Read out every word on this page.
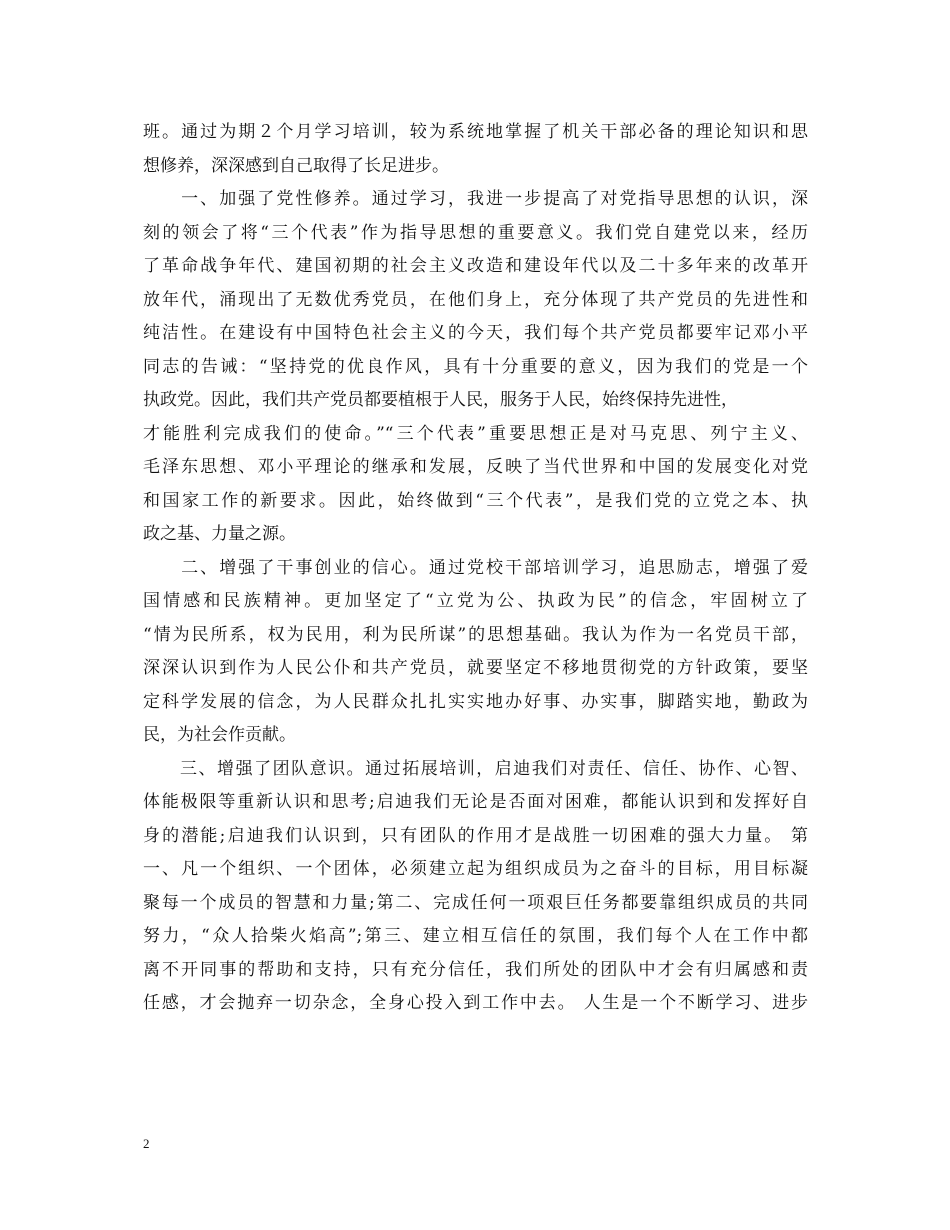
班。通过为期２个月学习培训，较为系统地掌握了机关干部必备的理论知识和思
想修养，深深感到自己取得了长足进步。
　　一、加强了党性修养。通过学习，我进一步提高了对党指导思想的认识，深
刻的领会了将“三个代表”作为指导思想的重要意义。我们党自建党以来，经历
了革命战争年代、建国初期的社会主义改造和建设年代以及二十多年来的改革开
放年代，涌现出了无数优秀党员，在他们身上，充分体现了共产党员的先进性和
纯洁性。在建设有中国特色社会主义的今天，我们每个共产党员都要牢记邓小平
同志的告诫：“坚持党的优良作风，具有十分重要的意义，因为我们的党是一个
执政党。因此，我们共产党员都要植根于人民，服务于人民，始终保持先进性，
才能胜利完成我们的使命。”“三个代表”重要思想正是对马克思、列宁主义、
毛泽东思想、邓小平理论的继承和发展，反映了当代世界和中国的发展变化对党
和国家工作的新要求。因此，始终做到“三个代表”，是我们党的立党之本、执
政之基、力量之源。
　　二、增强了干事创业的信心。通过党校干部培训学习，追思励志，增强了爱
国情感和民族精神。更加坚定了“立党为公、执政为民”的信念，牢固树立了
“情为民所系，权为民用，利为民所谋”的思想基础。我认为作为一名党员干部，
深深认识到作为人民公仆和共产党员，就要坚定不移地贯彻党的方针政策，要坚
定科学发展的信念，为人民群众扎扎实实地办好事、办实事，脚踏实地，勤政为
民，为社会作贡献。
　　三、增强了团队意识。通过拓展培训，启迪我们对责任、信任、协作、心智、
体能极限等重新认识和思考;启迪我们无论是否面对困难，都能认识到和发挥好自
身的潜能;启迪我们认识到，只有团队的作用才是战胜一切困难的强大力量。 第
一、凡一个组织、一个团体，必须建立起为组织成员为之奋斗的目标，用目标凝
聚每一个成员的智慧和力量;第二、完成任何一项艰巨任务都要靠组织成员的共同
努力，“众人拾柴火焰高”;第三、建立相互信任的氛围，我们每个人在工作中都
离不开同事的帮助和支持，只有充分信任，我们所处的团队中才会有归属感和责
任感，才会抛弃一切杂念，全身心投入到工作中去。 人生是一个不断学习、进步
2
